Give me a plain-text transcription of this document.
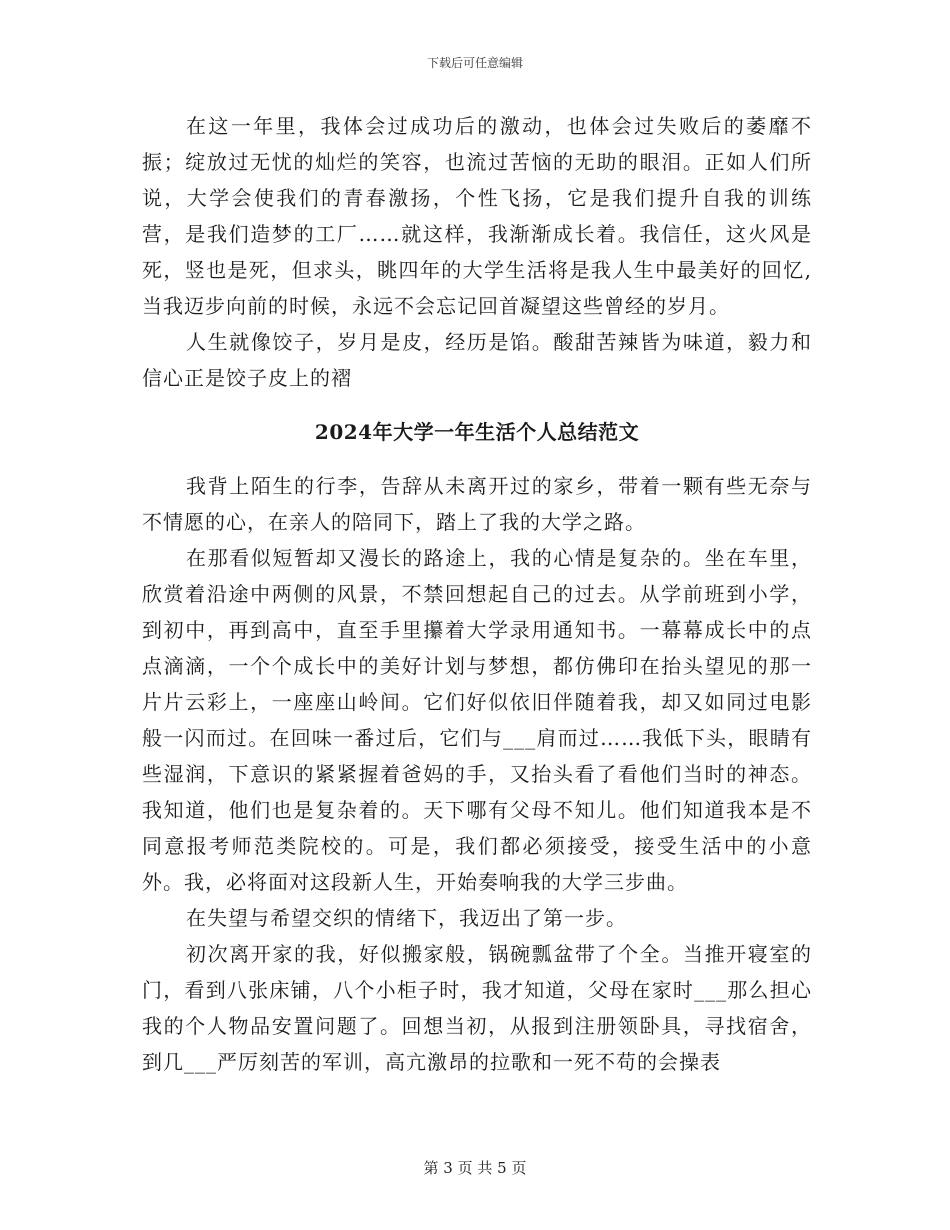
下载后可任意编辑

在这一年里，我体会过成功后的激动，也体会过失败后的萎靡不振；绽放过无忧的灿烂的笑容，也流过苦恼的无助的眼泪。正如人们所说，大学会使我们的青春激扬，个性飞扬，它是我们提升自我的训练营，是我们造梦的工厂……就这样，我渐渐成长着。我信任，这火风是死，竖也是死，但求头，眺四年的大学生活将是我人生中最美好的回忆,当我迈步向前的时候，永远不会忘记回首凝望这些曾经的岁月。

人生就像饺子，岁月是皮，经历是馅。酸甜苦辣皆为味道，毅力和信心正是饺子皮上的褶

2024年大学一年生活个人总结范文

我背上陌生的行李，告辞从未离开过的家乡，带着一颗有些无奈与不情愿的心，在亲人的陪同下，踏上了我的大学之路。

在那看似短暂却又漫长的路途上，我的心情是复杂的。坐在车里，欣赏着沿途中两侧的风景，不禁回想起自己的过去。从学前班到小学，到初中，再到高中，直至手里攥着大学录用通知书。一幕幕成长中的点点滴滴，一个个成长中的美好计划与梦想，都仿佛印在抬头望见的那一片片云彩上，一座座山岭间。它们好似依旧伴随着我，却又如同过电影般一闪而过。在回味一番过后，它们与___肩而过……我低下头，眼睛有些湿润，下意识的紧紧握着爸妈的手，又抬头看了看他们当时的神态。我知道，他们也是复杂着的。天下哪有父母不知儿。他们知道我本是不同意报考师范类院校的。可是，我们都必须接受，接受生活中的小意外。我，必将面对这段新人生，开始奏响我的大学三步曲。

在失望与希望交织的情绪下，我迈出了第一步。

初次离开家的我，好似搬家般，锅碗瓢盆带了个全。当推开寝室的门，看到八张床铺，八个小柜子时，我才知道，父母在家时___那么担心我的个人物品安置问题了。回想当初，从报到注册领卧具，寻找宿舍，到几___严厉刻苦的军训，高亢激昂的拉歌和一死不苟的会操表

第 3 页 共 5 页
